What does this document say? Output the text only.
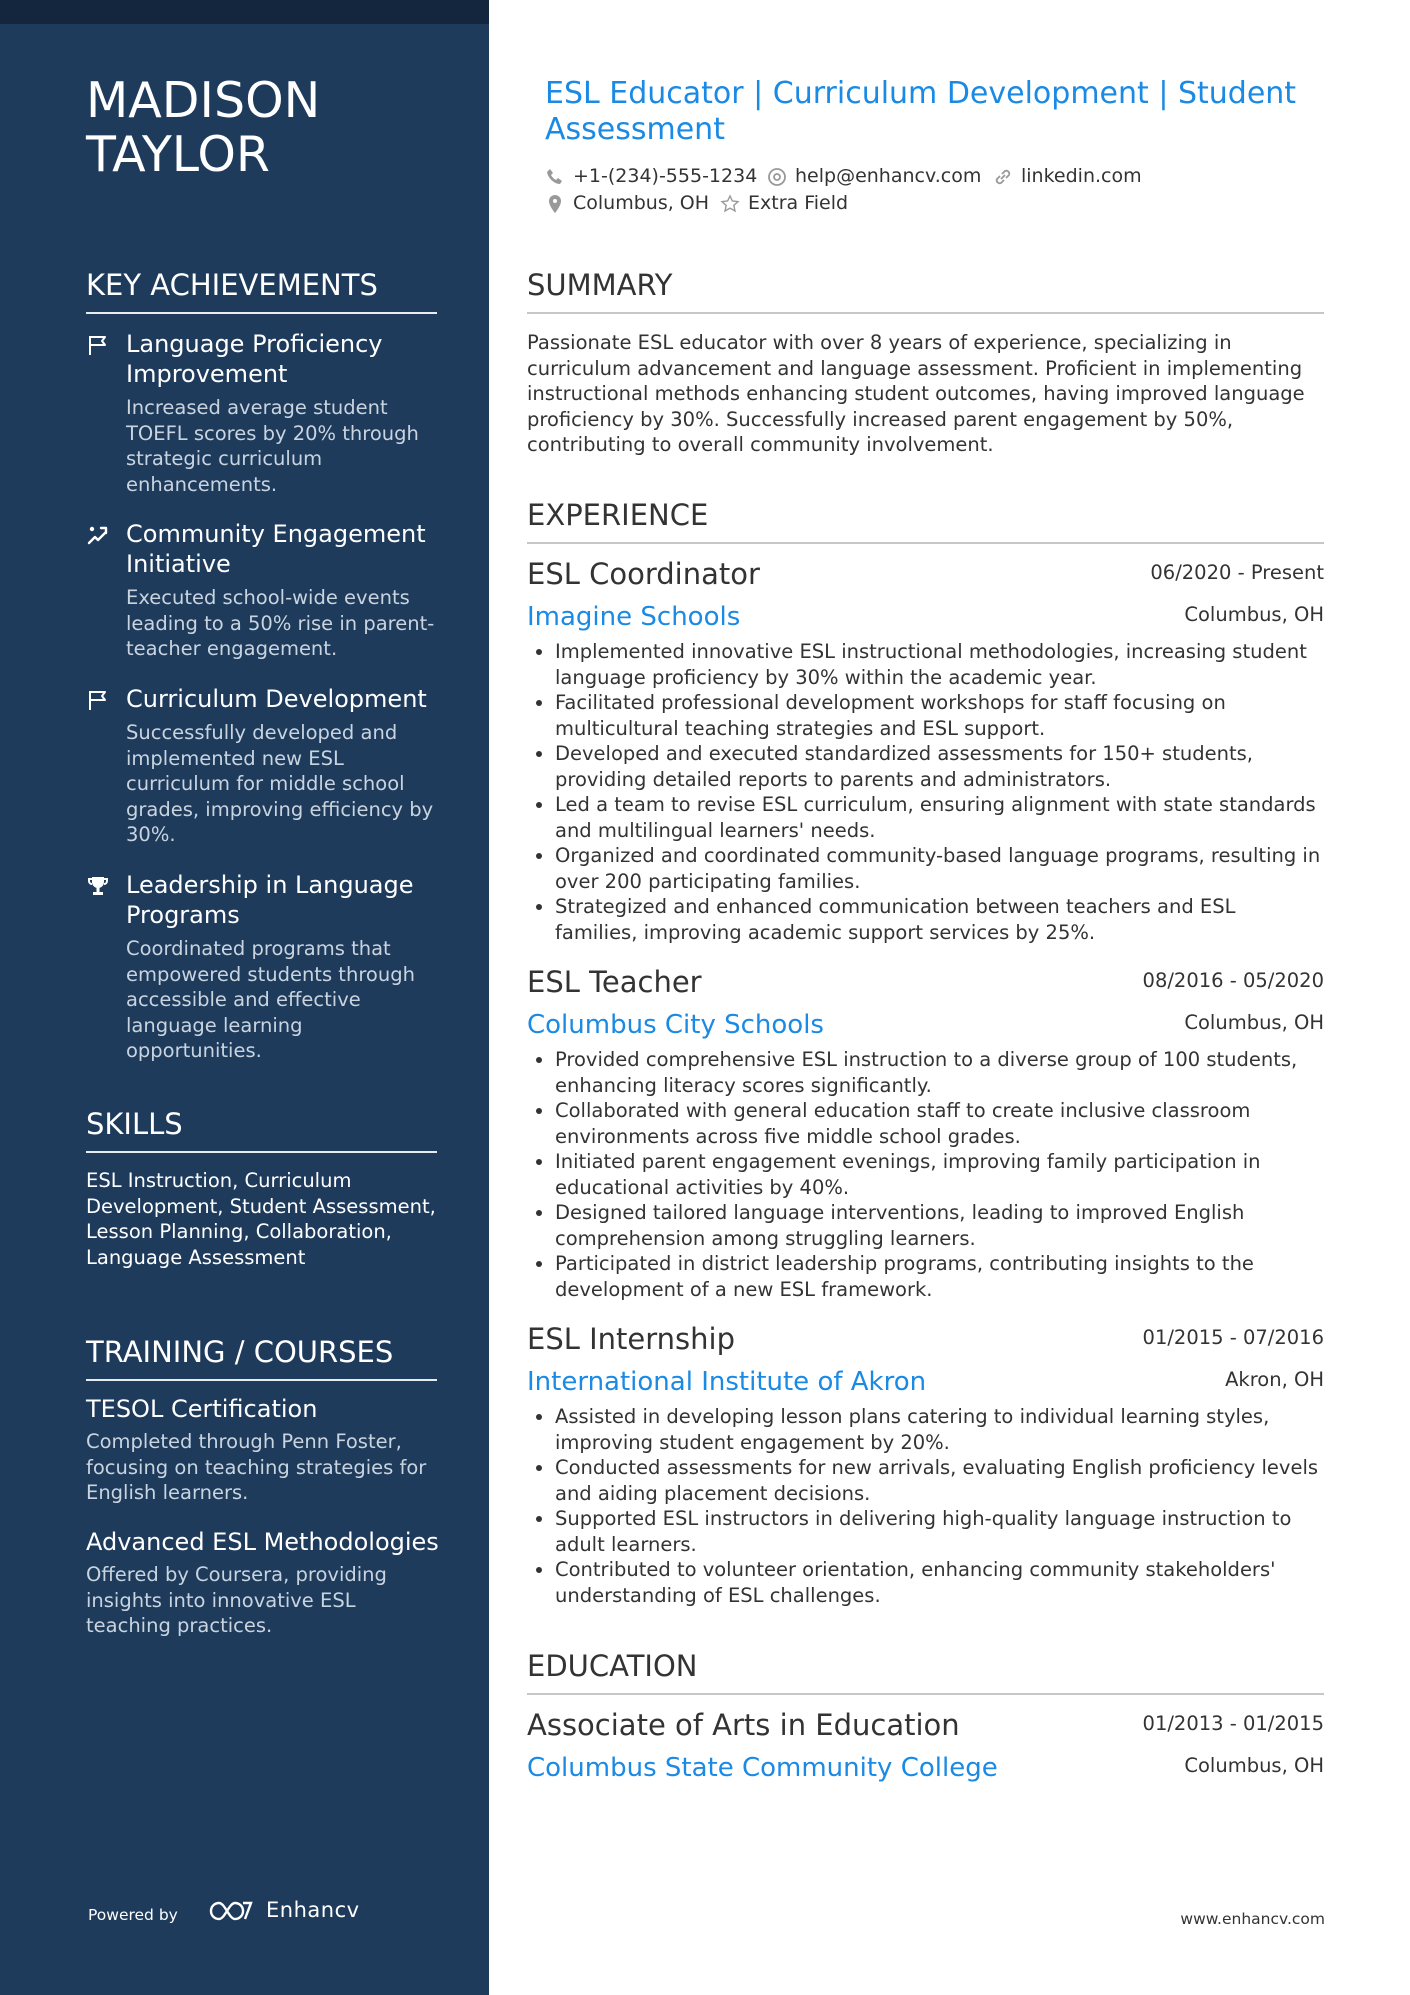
MADISON
TAYLOR
KEY ACHIEVEMENTS
Language Proficiency Improvement
Increased average student TOEFL scores by 20% through strategic curriculum enhancements.
Community Engagement Initiative
Executed school-wide events leading to a 50% rise in parent-teacher engagement.
Curriculum Development
Successfully developed and implemented new ESL curriculum for middle school grades, improving efficiency by 30%.
Leadership in Language Programs
Coordinated programs that empowered students through accessible and effective language learning opportunities.
SKILLS
ESL Instruction, Curriculum Development, Student Assessment, Lesson Planning, Collaboration, Language Assessment
TRAINING / COURSES
TESOL Certification
Completed through Penn Foster, focusing on teaching strategies for English learners.
Advanced ESL Methodologies
Offered by Coursera, providing insights into innovative ESL teaching practices.
Powered by	Enhancv
ESL Educator | Curriculum Development | Student Assessment
+1-(234)-555-1234	help@enhancv.com	linkedin.com
Columbus, OH	Extra Field
SUMMARY
Passionate ESL educator with over 8 years of experience, specializing in curriculum advancement and language assessment. Proficient in implementing instructional methods enhancing student outcomes, having improved language proficiency by 30%. Successfully increased parent engagement by 50%, contributing to overall community involvement.
EXPERIENCE
ESL Coordinator	06/2020 - Present
Imagine Schools	Columbus, OH
• Implemented innovative ESL instructional methodologies, increasing student language proficiency by 30% within the academic year.
• Facilitated professional development workshops for staff focusing on multicultural teaching strategies and ESL support.
• Developed and executed standardized assessments for 150+ students, providing detailed reports to parents and administrators.
• Led a team to revise ESL curriculum, ensuring alignment with state standards and multilingual learners' needs.
• Organized and coordinated community-based language programs, resulting in over 200 participating families.
• Strategized and enhanced communication between teachers and ESL families, improving academic support services by 25%.
ESL Teacher	08/2016 - 05/2020
Columbus City Schools	Columbus, OH
• Provided comprehensive ESL instruction to a diverse group of 100 students, enhancing literacy scores significantly.
• Collaborated with general education staff to create inclusive classroom environments across five middle school grades.
• Initiated parent engagement evenings, improving family participation in educational activities by 40%.
• Designed tailored language interventions, leading to improved English comprehension among struggling learners.
• Participated in district leadership programs, contributing insights to the development of a new ESL framework.
ESL Internship	01/2015 - 07/2016
International Institute of Akron	Akron, OH
• Assisted in developing lesson plans catering to individual learning styles, improving student engagement by 20%.
• Conducted assessments for new arrivals, evaluating English proficiency levels and aiding placement decisions.
• Supported ESL instructors in delivering high-quality language instruction to adult learners.
• Contributed to volunteer orientation, enhancing community stakeholders' understanding of ESL challenges.
EDUCATION
Associate of Arts in Education	01/2013 - 01/2015
Columbus State Community College	Columbus, OH
www.enhancv.com
